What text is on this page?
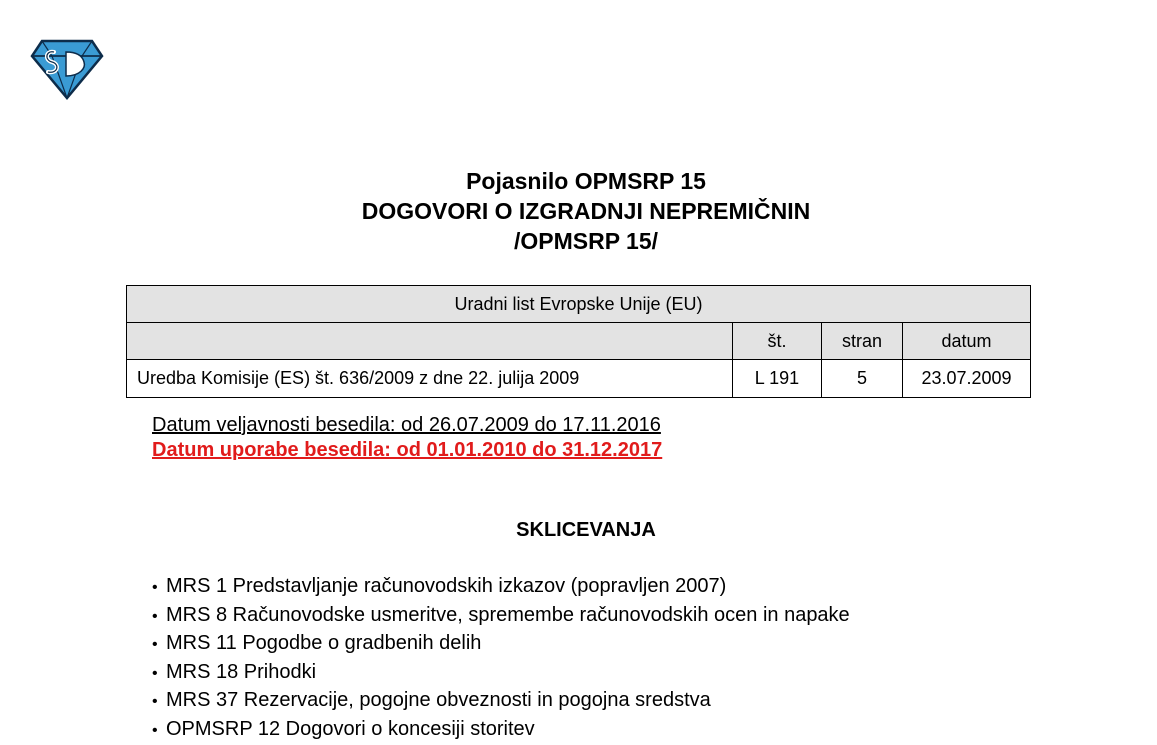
Pojasnilo OPMSRP 15
DOGOVORI O IZGRADNJI NEPREMIČNIN
/OPMSRP 15/
Uradni list Evropske Unije (EU)			
	št.	stran	datum
Uredba Komisije (ES) št. 636/2009 z dne 22. julija 2009	L 191	5	23.07.2009
Datum veljavnosti besedila: od 26.07.2009 do 17.11.2016
Datum uporabe besedila: od 01.01.2010 do 31.12.2017
SKLICEVANJA
• MRS 1 Predstavljanje računovodskih izkazov (popravljen 2007)
• MRS 8 Računovodske usmeritve, spremembe računovodskih ocen in napake
• MRS 11 Pogodbe o gradbenih delih
• MRS 18 Prihodki
• MRS 37 Rezervacije, pogojne obveznosti in pogojna sredstva
• OPMSRP 12 Dogovori o koncesiji storitev
